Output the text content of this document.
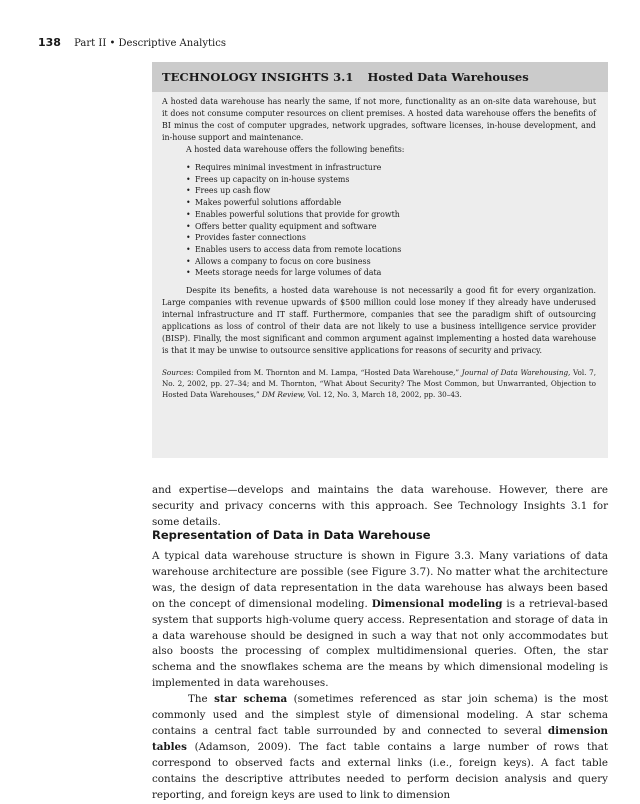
138 Part II • Descriptive Analytics
TECHNOLOGY INSIGHTS 3.1 Hosted Data Warehouses

A hosted data warehouse has nearly the same, if not more, functionality as an on-site data warehouse, but it does not consume computer resources on client premises. A hosted data warehouse offers the benefits of BI minus the cost of computer upgrades, network upgrades, software licenses, in-house development, and in-house support and maintenance.

A hosted data warehouse offers the following benefits:

• Requires minimal investment in infrastructure
• Frees up capacity on in-house systems
• Frees up cash flow
• Makes powerful solutions affordable
• Enables powerful solutions that provide for growth
• Offers better quality equipment and software
• Provides faster connections
• Enables users to access data from remote locations
• Allows a company to focus on core business
• Meets storage needs for large volumes of data

Despite its benefits, a hosted data warehouse is not necessarily a good fit for every organization. Large companies with revenue upwards of $500 million could lose money if they already have underused internal infrastructure and IT staff. Furthermore, companies that see the paradigm shift of outsourcing applications as loss of control of their data are not likely to use a business intelligence service provider (BISP). Finally, the most significant and common argument against implementing a hosted data warehouse is that it may be unwise to outsource sensitive applications for reasons of security and privacy.

Sources: Compiled from M. Thornton and M. Lampa, “Hosted Data Warehouse,” Journal of Data Warehousing, Vol. 7, No. 2, 2002, pp. 27–34; and M. Thornton, “What About Security? The Most Common, but Unwarranted, Objection to Hosted Data Warehouses,” DM Review, Vol. 12, No. 3, March 18, 2002, pp. 30–43.

and expertise—develops and maintains the data warehouse. However, there are security and privacy concerns with this approach. See Technology Insights 3.1 for some details.

Representation of Data in Data Warehouse

A typical data warehouse structure is shown in Figure 3.3. Many variations of data warehouse architecture are possible (see Figure 3.7). No matter what the architecture was, the design of data representation in the data warehouse has always been based on the concept of dimensional modeling. Dimensional modeling is a retrieval-based system that supports high-volume query access. Representation and storage of data in a data warehouse should be designed in such a way that not only accommodates but also boosts the processing of complex multidimensional queries. Often, the star schema and the snowflakes schema are the means by which dimensional modeling is implemented in data warehouses.

The star schema (sometimes referenced as star join schema) is the most commonly used and the simplest style of dimensional modeling. A star schema contains a central fact table surrounded by and connected to several dimension tables (Adamson, 2009). The fact table contains a large number of rows that correspond to observed facts and external links (i.e., foreign keys). A fact table contains the descriptive attributes needed to perform decision analysis and query reporting, and foreign keys are used to link to dimension
